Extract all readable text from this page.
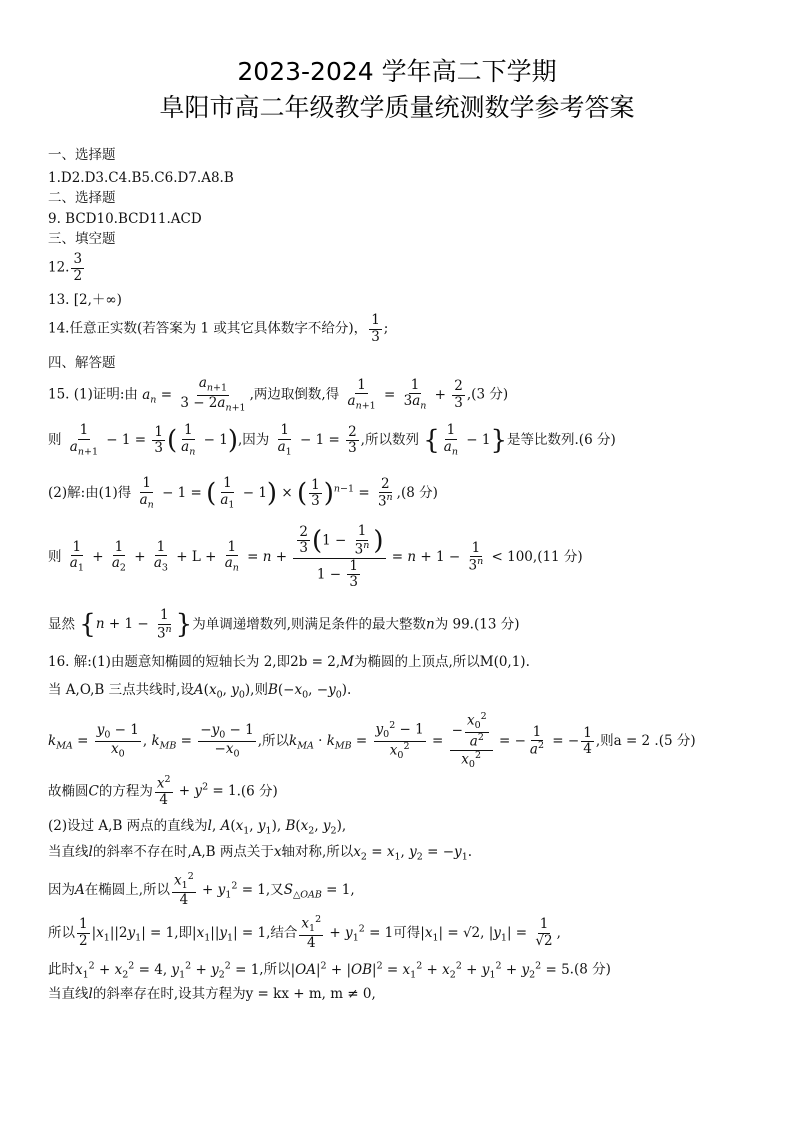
2023-2024 学年高二下学期
阜阳市高二年级教学质量统测数学参考答案
一、选择题
1.D2.D3.C4.B5.C6.D7.A8.B
二、选择题
9. BCD10.BCD11.ACD
三、填空题
12. $\frac{3}{2}$
13. [2,＋∞)
14.任意正实数(若答案为 1 或其它具体数字不给分)， $\frac{1}{3}$ ;
四、解答题
15. (1)证明:由 $a_n = \frac{a_{n+1}}{3 - 2a_{n+1}}$ ,两边取倒数,得 $\frac{1}{a_{n+1}} = \frac{1}{3a_n} + \frac{2}{3} ,(3$ 分)
则 $\frac{1}{a_{n+1}} - 1 = \frac{1}{3}$ ( $\frac{1}{a_n} - 1$),因为 $\frac{1}{a_1} - 1 = \frac{2}{3}$ ,所以数列 { $\frac{1}{a_n} - 1$}是等比数列.(6 分)
(2)解:由(1)得 $\frac{1}{a_n} - 1$ = ( $\frac{1}{a_1} - 1$) × ( $\frac{1}{3} )^{n-1} = \frac{2}{3^n} ,(8$ 分)
则 $\frac{1}{a_1} + \frac{1}{a_2} + \frac{1}{a_3} + L + \frac{1}{a_n} = n + \frac{\frac{2}{3} (1 - \frac{1}{3^n} )}{1 - \frac{1}{3}} = n + 1 - \frac{1}{3^n} < 100,(11$ 分)
显然 {$n + 1 - \frac{1}{3^n}$ }为单调递增数列,则满足条件的最大整数n为 99.(13 分)
16. 解:(1)由题意知椭圆的短轴长为 2,即2b = 2,M为椭圆的上顶点,所以M(0,1).
当 A,O,B 三点共线时,设$A(x_0$, $y_0$),则$B(-x_0$, $-y_0$).
$k_{MA} = \frac{y_0 - 1}{x_0}$ , $k_{MB} = \frac{-y_0 - 1}{-x_0}$ ,所以$k_{MA} \cdot k_{MB} = \frac{y_0^2 - 1}{x_0^2} = \frac{- \frac{x_0^2}{a^2}}{x_0^2}$ = − $\frac{1}{a^2}$ = − $\frac{1}{4}$ ,则a = 2 .(5 分)
故椭圆C的方程为 $\frac{x^2}{4} + y^2 = 1.(6$ 分)
(2)设过 A,B 两点的直线为l, $A(x_1$, $y_1$), $B(x_2$, $y_2$),
当直线l的斜率不存在时,A,B 两点关于x轴对称,所以$x_2 = x_1$, $y_2 = -y_1$.
因为A在椭圆上,所以 $\frac{x_1^2}{4} + y_1^2 = 1$,又$S_{\triangle OAB} = 1$,
所以 $\frac{1}{2} |x_1||2y_1| = 1$,即$|x_1||y_1| = 1$,结合 $\frac{x_1^2}{4} + y_1^2 = 1$可得$|x_1| = √2$, $|y_1| = \frac{1}{√2}$ ,
此时$x_1^2 + x_2^2 = 4$, $y_1^2 + y_2^2 = 1$,所以$|OA|^2 + |OB|^2 = x_1^2 + x_2^2 + y_1^2 + y_2^2 = 5.(8$ 分)
当直线l的斜率存在时,设其方程为y = kx + m, m ≠ 0,
